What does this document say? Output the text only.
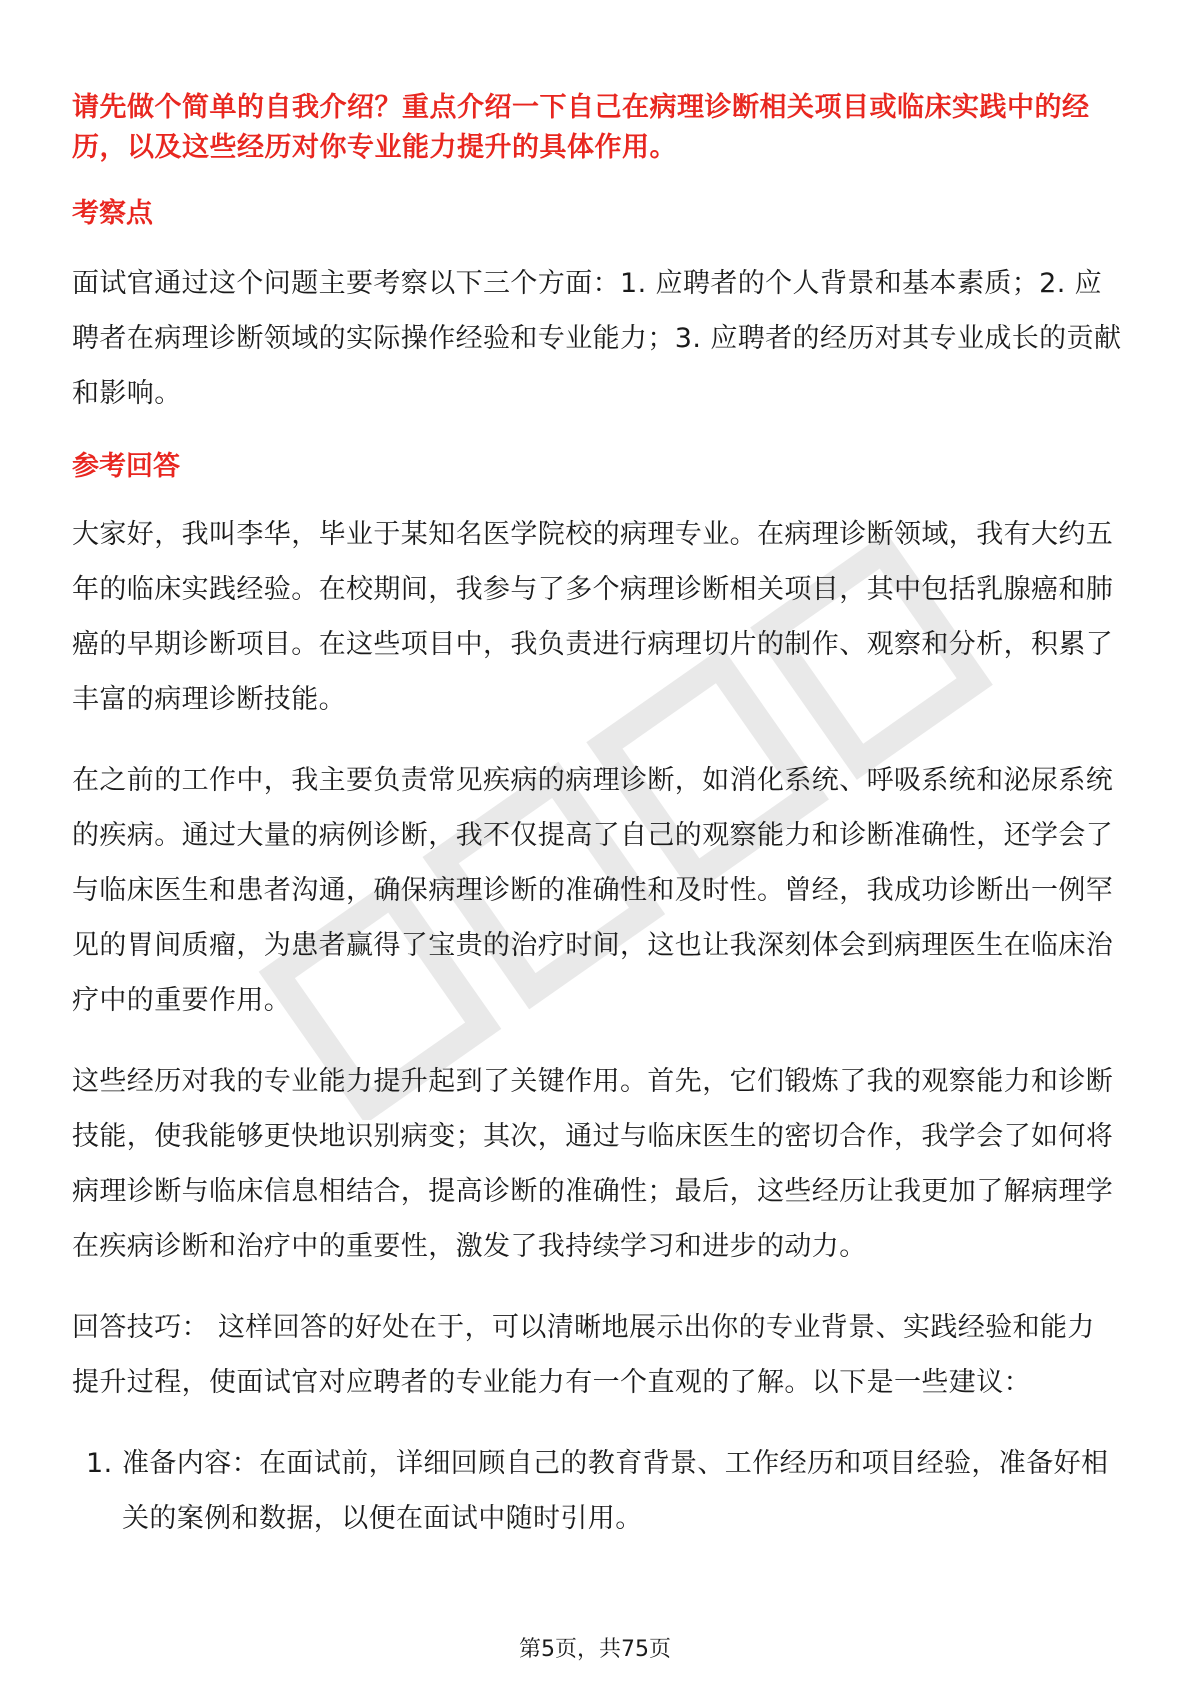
请先做个简单的自我介绍？重点介绍一下自己在病理诊断相关项目或临床实践中的经历，以及这些经历对你专业能力提升的具体作用。

考察点

面试官通过这个问题主要考察以下三个方面：1. 应聘者的个人背景和基本素质；2. 应聘者在病理诊断领域的实际操作经验和专业能力；3. 应聘者的经历对其专业成长的贡献和影响。

参考回答

大家好，我叫李华，毕业于某知名医学院校的病理专业。在病理诊断领域，我有大约五年的临床实践经验。在校期间，我参与了多个病理诊断相关项目，其中包括乳腺癌和肺癌的早期诊断项目。在这些项目中，我负责进行病理切片的制作、观察和分析，积累了丰富的病理诊断技能。

在之前的工作中，我主要负责常见疾病的病理诊断，如消化系统、呼吸系统和泌尿系统的疾病。通过大量的病例诊断，我不仅提高了自己的观察能力和诊断准确性，还学会了与临床医生和患者沟通，确保病理诊断的准确性和及时性。曾经，我成功诊断出一例罕见的胃间质瘤，为患者赢得了宝贵的治疗时间，这也让我深刻体会到病理医生在临床治疗中的重要作用。

这些经历对我的专业能力提升起到了关键作用。首先，它们锻炼了我的观察能力和诊断技能，使我能够更快地识别病变；其次，通过与临床医生的密切合作，我学会了如何将病理诊断与临床信息相结合，提高诊断的准确性；最后，这些经历让我更加了解病理学在疾病诊断和治疗中的重要性，激发了我持续学习和进步的动力。

回答技巧： 这样回答的好处在于，可以清晰地展示出你的专业背景、实践经验和能力提升过程，使面试官对应聘者的专业能力有一个直观的了解。以下是一些建议：

1. 准备内容：在面试前，详细回顾自己的教育背景、工作经历和项目经验，准备好相关的案例和数据，以便在面试中随时引用。
第5页，共75页
